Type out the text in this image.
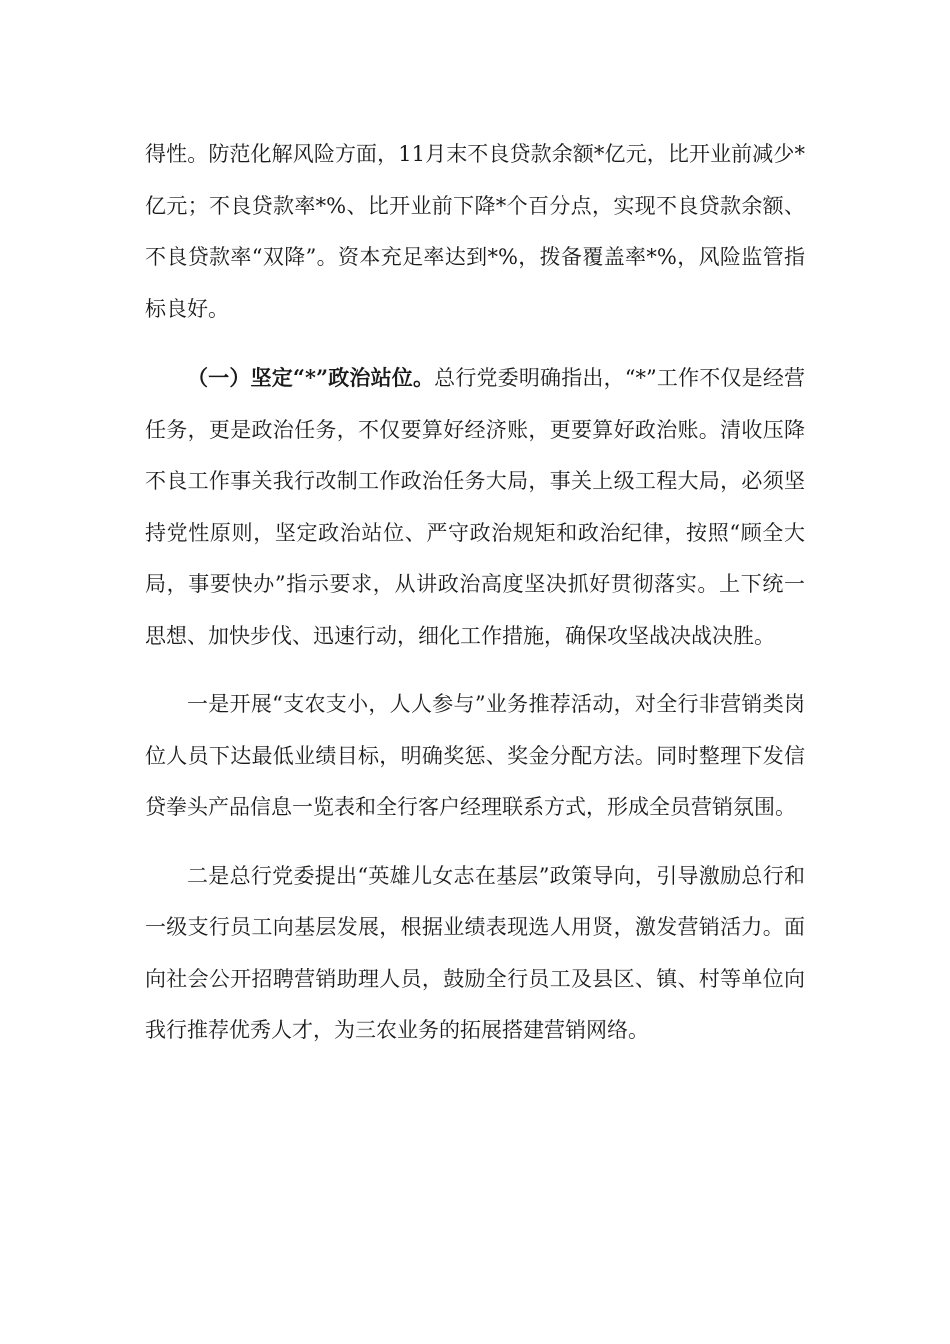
得性。防范化解风险方面，11月末不良贷款余额*亿元，比开业前减少*亿元；不良贷款率*%、比开业前下降*个百分点，实现不良贷款余额、不良贷款率“双降”。资本充足率达到*%，拨备覆盖率*%，风险监管指标良好。

（一）坚定“*”政治站位。总行党委明确指出，“*”工作不仅是经营任务，更是政治任务，不仅要算好经济账，更要算好政治账。清收压降不良工作事关我行改制工作政治任务大局，事关上级工程大局，必须坚持党性原则，坚定政治站位、严守政治规矩和政治纪律，按照“顾全大局，事要快办”指示要求，从讲政治高度坚决抓好贯彻落实。上下统一思想、加快步伐、迅速行动，细化工作措施，确保攻坚战决战决胜。

一是开展“支农支小，人人参与”业务推荐活动，对全行非营销类岗位人员下达最低业绩目标，明确奖惩、奖金分配方法。同时整理下发信贷拳头产品信息一览表和全行客户经理联系方式，形成全员营销氛围。

二是总行党委提出“英雄儿女志在基层”政策导向，引导激励总行和一级支行员工向基层发展，根据业绩表现选人用贤，激发营销活力。面向社会公开招聘营销助理人员，鼓励全行员工及县区、镇、村等单位向我行推荐优秀人才，为三农业务的拓展搭建营销网络。
